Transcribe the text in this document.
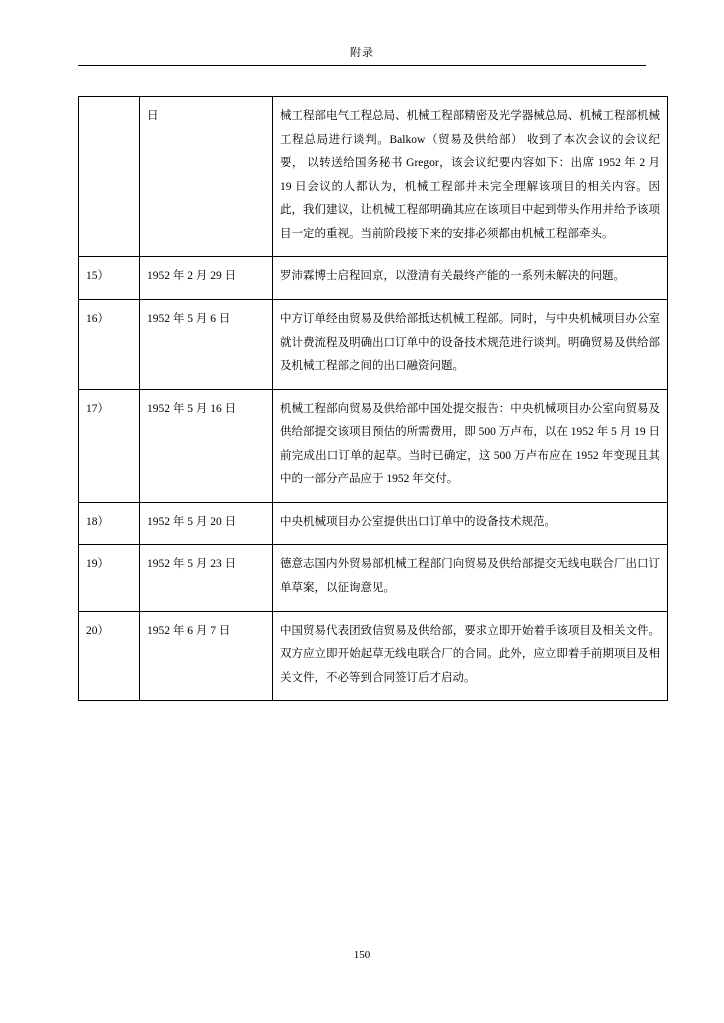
附录
	日	械工程部电气工程总局、机械工程部精密及光学器械总局、机械工程部机械工程总局进行谈判。Balkow（贸易及供给部） 收到了本次会议的会议纪要， 以转送给国务秘书 Gregor，该会议纪要内容如下：出席 1952 年 2 月 19 日会议的人都认为，机械工程部并未完全理解该项目的相关内容。因此，我们建议，让机械工程部明确其应在该项目中起到带头作用并给予该项目一定的重视。当前阶段接下来的安排必须都由机械工程部牵头。
15）	1952 年 2 月 29 日	罗沛霖博士启程回京，以澄清有关最终产能的一系列未解决的问题。
16）	1952 年 5 月 6 日	中方订单经由贸易及供给部抵达机械工程部。同时，与中央机械项目办公室就计费流程及明确出口订单中的设备技术规范进行谈判。明确贸易及供给部及机械工程部之间的出口融资问题。
17）	1952 年 5 月 16 日	机械工程部向贸易及供给部中国处提交报告：中央机械项目办公室向贸易及供给部提交该项目预估的所需费用，即 500 万卢布，以在 1952 年 5 月 19 日前完成出口订单的起草。当时已确定，这 500 万卢布应在 1952 年变现且其中的一部分产品应于 1952 年交付。
18）	1952 年 5 月 20 日	中央机械项目办公室提供出口订单中的设备技术规范。
19）	1952 年 5 月 23 日	德意志国内外贸易部机械工程部门向贸易及供给部提交无线电联合厂出口订单草案，以征询意见。
20）	1952 年 6 月 7 日	中国贸易代表团致信贸易及供给部，要求立即开始着手该项目及相关文件。双方应立即开始起草无线电联合厂的合同。此外，应立即着手前期项目及相关文件，不必等到合同签订后才启动。
150
